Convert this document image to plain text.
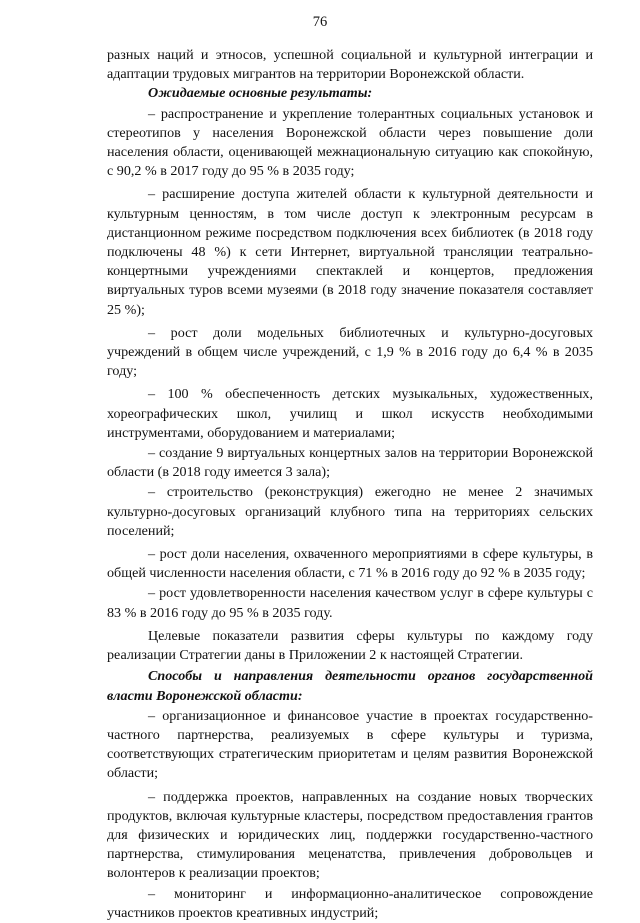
76

разных наций и этносов, успешной социальной и культурной интеграции и адаптации трудовых мигрантов на территории Воронежской области.

Ожидаемые основные результаты:

– распространение и укрепление толерантных социальных установок и стереотипов у населения Воронежской области через повышение доли населения области, оценивающей межнациональную ситуацию как спокойную, с 90,2 % в 2017 году до 95 % в 2035 году;

– расширение доступа жителей области к культурной деятельности и культурным ценностям, в том числе доступ к электронным ресурсам в дистанционном режиме посредством подключения всех библиотек (в 2018 году подключены 48 %) к сети Интернет, виртуальной трансляции театрально-концертными учреждениями спектаклей и концертов, предложения виртуальных туров всеми музеями (в 2018 году значение показателя составляет 25 %);

– рост доли модельных библиотечных и культурно-досуговых учреждений в общем числе учреждений, с 1,9 % в 2016 году до 6,4 % в 2035 году;

– 100 % обеспеченность детских музыкальных, художественных, хореографических школ, училищ и школ искусств необходимыми инструментами, оборудованием и материалами;

– создание 9 виртуальных концертных залов на территории Воронежской области (в 2018 году имеется 3 зала);

– строительство (реконструкция) ежегодно не менее 2 значимых культурно-досуговых организаций клубного типа на территориях сельских поселений;

– рост доли населения, охваченного мероприятиями в сфере культуры, в общей численности населения области, с 71 % в 2016 году до 92 % в 2035 году;

– рост удовлетворенности населения качеством услуг в сфере культуры с 83 % в 2016 году до 95 % в 2035 году.

Целевые показатели развития сферы культуры по каждому году реализации Стратегии даны в Приложении 2 к настоящей Стратегии.

Способы и направления деятельности органов государственной власти Воронежской области:

– организационное и финансовое участие в проектах государственно-частного партнерства, реализуемых в сфере культуры и туризма, соответствующих стратегическим приоритетам и целям развития Воронежской области;

– поддержка проектов, направленных на создание новых творческих продуктов, включая культурные кластеры, посредством предоставления грантов для физических и юридических лиц, поддержки государственно-частного партнерства, стимулирования меценатства, привлечения добровольцев и волонтеров к реализации проектов;

– мониторинг и информационно-аналитическое сопровождение участников проектов креативных индустрий;
